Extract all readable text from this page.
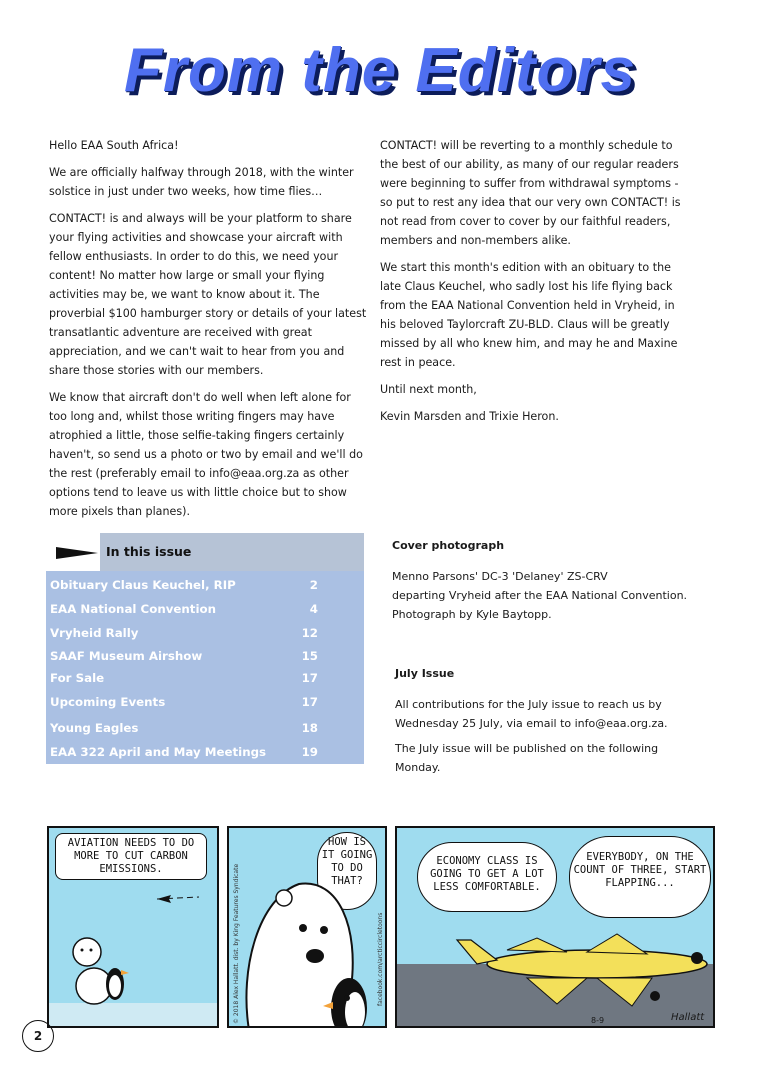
From the Editors

Hello EAA South Africa!

We are officially halfway through 2018, with the winter solstice in just under two weeks, how time flies…

CONTACT! is and always will be your platform to share your flying activities and showcase your aircraft with fellow enthusiasts. In order to do this, we need your content! No matter how large or small your flying activities may be, we want to know about it. The proverbial $100 hamburger story or details of your latest transatlantic adventure are received with great appreciation, and we can't wait to hear from you and share those stories with our members.

We know that aircraft don't do well when left alone for too long and, whilst those writing fingers may have atrophied a little, those selfie-taking fingers certainly haven't, so send us a photo or two by email and we'll do the rest (preferably email to info@eaa.org.za as other options tend to leave us with little choice but to show more pixels than planes).

CONTACT! will be reverting to a monthly schedule to the best of our ability, as many of our regular readers were beginning to suffer from withdrawal symptoms - so put to rest any idea that our very own CONTACT! is not read from cover to cover by our faithful readers, members and non-members alike.

We start this month's edition with an obituary to the late Claus Keuchel, who sadly lost his life flying back from the EAA National Convention held in Vryheid, in his beloved Taylorcraft ZU-BLD. Claus will be greatly missed by all who knew him, and may he and Maxine rest in peace.

Until next month,

Kevin Marsden and Trixie Heron.

In this issue
Obituary Claus Keuchel, RIP	2
EAA National Convention	4
Vryheid Rally	12
SAAF Museum Airshow	15
For Sale	17
Upcoming Events	17
Young Eagles	18
EAA 322 April and May Meetings	19
Cover photograph
Menno Parsons' DC-3 'Delaney' ZS-CRV
departing Vryheid after the EAA National Convention.
Photograph by Kyle Baytopp.
July Issue

All contributions for the July issue to reach us by Wednesday 25 July, via email to info@eaa.org.za.

The July issue will be published on the following Monday.

AVIATION NEEDS TO DO MORE TO CUT CARBON EMISSIONS.
HOW IS IT GOING TO DO THAT?
© 2018 Alex Hallatt. dist. by King Features Syndicate	facebook.com/arcticcircletoons
ECONOMY CLASS IS GOING TO GET A LOT LESS COMFORTABLE.
EVERYBODY, ON THE COUNT OF THREE, START FLAPPING...
Hallatt
8-9
2
